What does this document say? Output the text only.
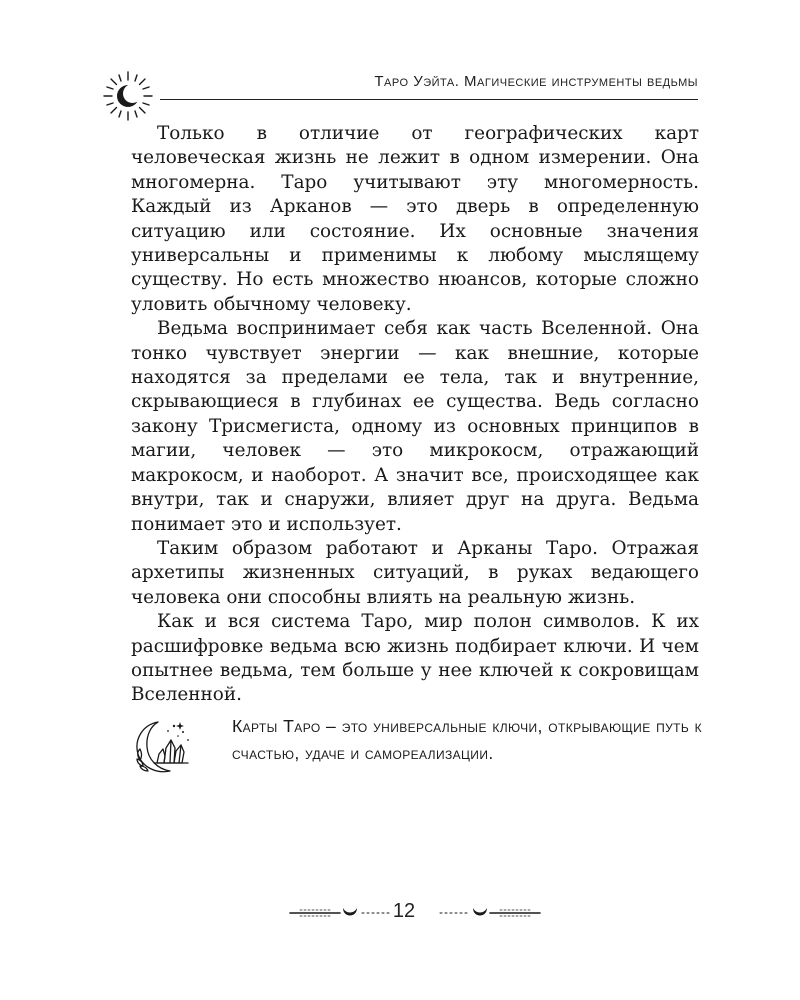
Таро Уэйта. Магические инструменты ведьмы

Только в отличие от географических карт человеческая жизнь не лежит в одном измерении. Она многомерна. Таро учитывают эту многомерность. Каждый из Арканов — это дверь в определенную ситуацию или состояние. Их основные значения универсальны и применимы к любому мыслящему существу. Но есть множество нюансов, которые сложно уловить обычному человеку.

Ведьма воспринимает себя как часть Вселенной. Она тонко чувствует энергии — как внешние, которые находятся за пределами ее тела, так и внутренние, скрывающиеся в глубинах ее существа. Ведь согласно закону Трисмегиста, одному из основных принципов в магии, человек — это микрокосм, отражающий макрокосм, и наоборот. А значит все, происходящее как внутри, так и снаружи, влияет друг на друга. Ведьма понимает это и использует.

Таким образом работают и Арканы Таро. Отражая архетипы жизненных ситуаций, в руках ведающего человека они способны влиять на реальную жизнь.

Как и вся система Таро, мир полон символов. К их расшифровке ведьма всю жизнь подбирает ключи. И чем опытнее ведьма, тем больше у нее ключей к сокровищам Вселенной.

Карты Таро – это универсальные ключи, открывающие путь к счастью, удаче и самореализации.
12
